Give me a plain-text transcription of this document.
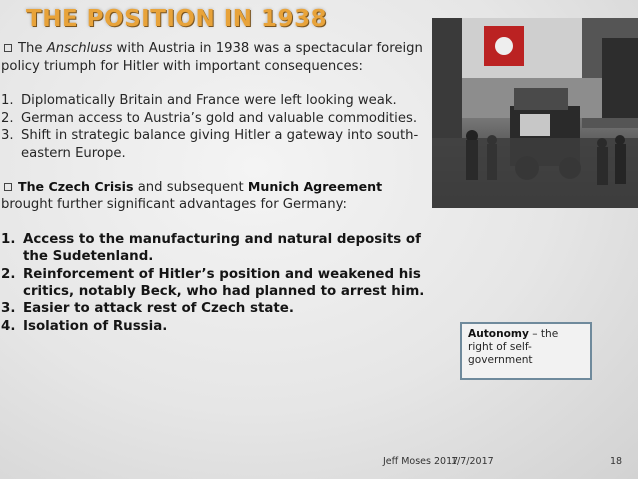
THE POSITION IN 1938

The Anschluss with Austria in 1938 was a spectacular foreign policy triumph for Hitler with important consequences:

1. Diplomatically Britain and France were left looking weak.
2. German access to Austria’s gold and valuable commodities.
3. Shift in strategic balance giving Hitler a gateway into south-eastern Europe.

The Czech Crisis and subsequent Munich Agreement brought further significant advantages for Germany:

1. Access to the manufacturing and natural deposits of the Sudetenland.
2. Reinforcement of Hitler’s position and weakened his critics, notably Beck, who had planned to arrest him.
3. Easier to attack rest of Czech state.
4. Isolation of Russia.
Autonomy – the right of self-government
Jeff Moses 2017
1/7/2017	18
